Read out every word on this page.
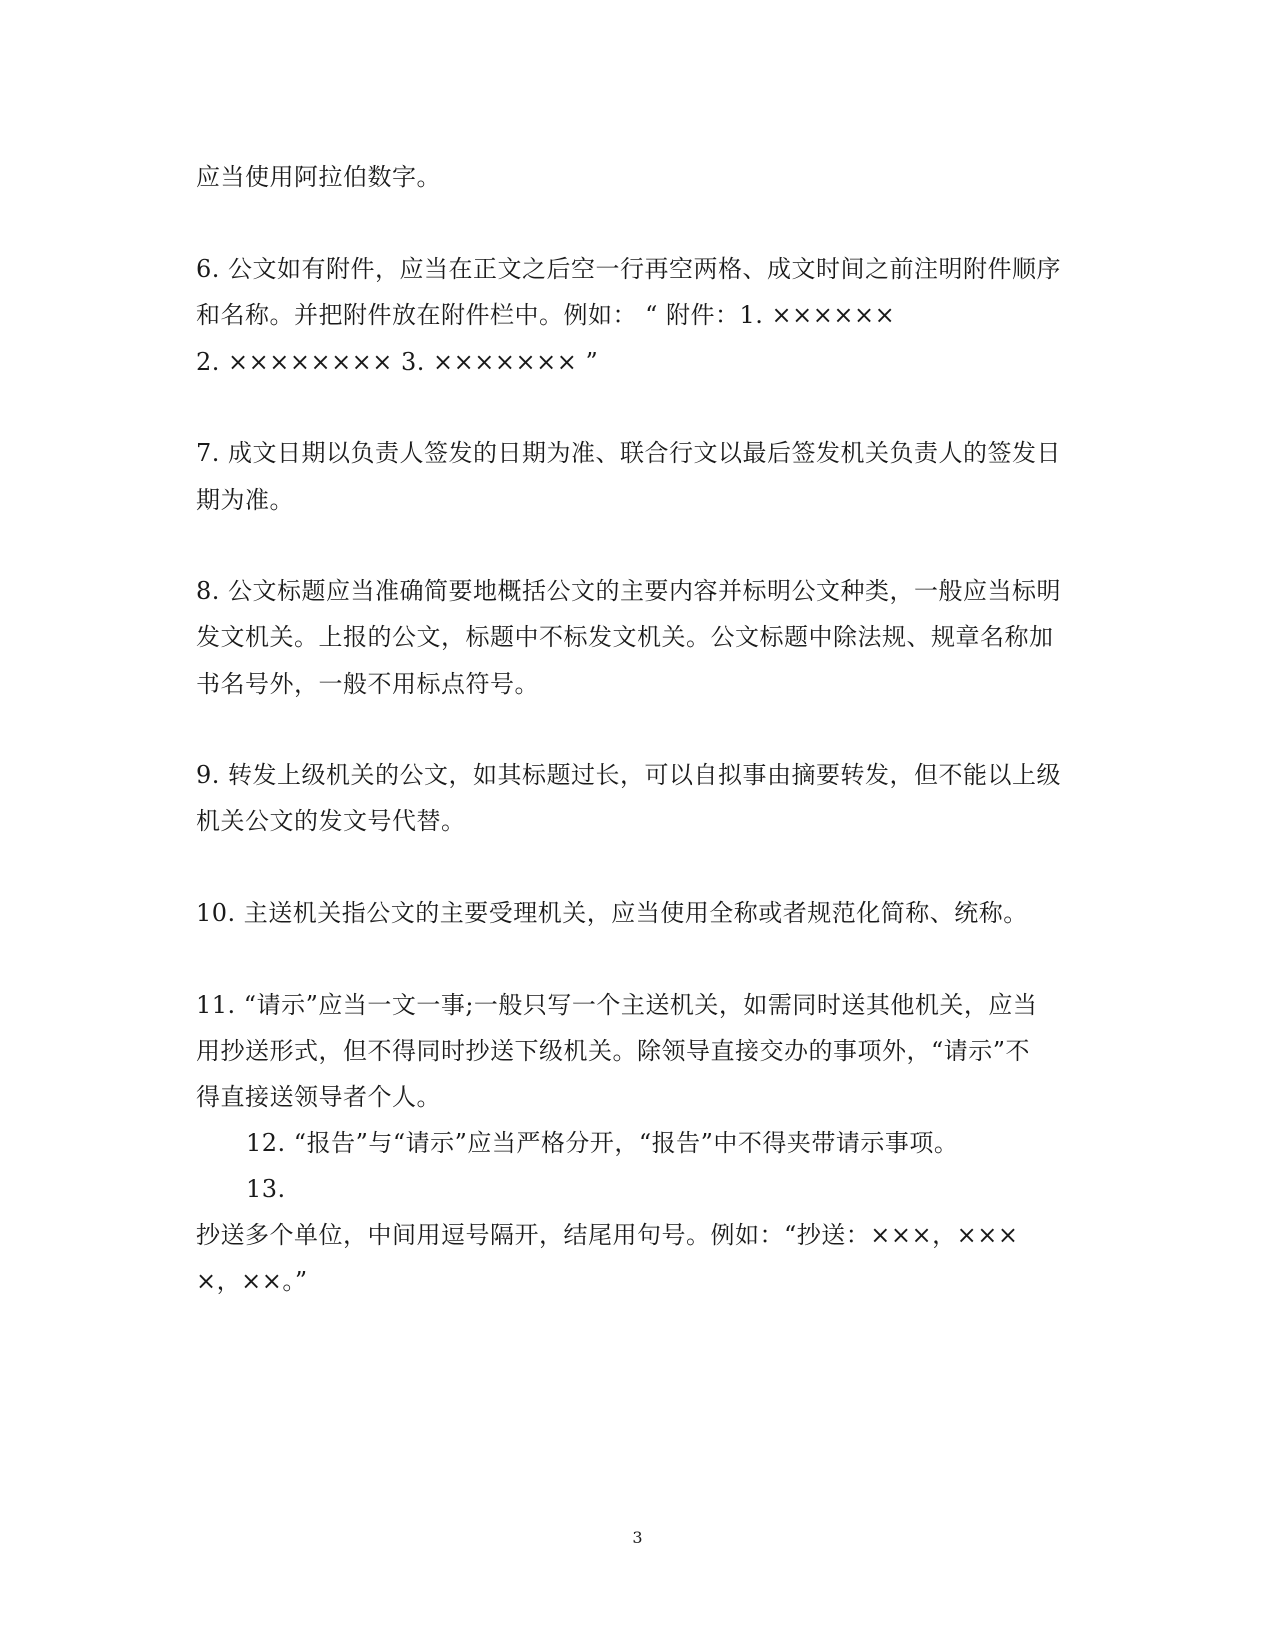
应当使用阿拉伯数字。
6. 公文如有附件，应当在正文之后空一行再空两格、成文时间之前注明附件顺序
和名称。并把附件放在附件栏中。例如： “ 附件：1. ××××××
2. ×××××××× 3. ××××××× ”
7. 成文日期以负责人签发的日期为准、联合行文以最后签发机关负责人的签发日
期为准。
8. 公文标题应当准确简要地概括公文的主要内容并标明公文种类，一般应当标明
发文机关。上报的公文，标题中不标发文机关。公文标题中除法规、规章名称加
书名号外，一般不用标点符号。
9. 转发上级机关的公文，如其标题过长，可以自拟事由摘要转发，但不能以上级
机关公文的发文号代替。
10. 主送机关指公文的主要受理机关，应当使用全称或者规范化简称、统称。
11. “请示”应当一文一事;一般只写一个主送机关，如需同时送其他机关，应当
用抄送形式，但不得同时抄送下级机关。除领导直接交办的事项外，“请示”不
得直接送领导者个人。
12. “报告”与“请示”应当严格分开，“报告”中不得夹带请示事项。
13.
抄送多个单位，中间用逗号隔开，结尾用句号。例如：“抄送：×××，×××
×，××。”
3
